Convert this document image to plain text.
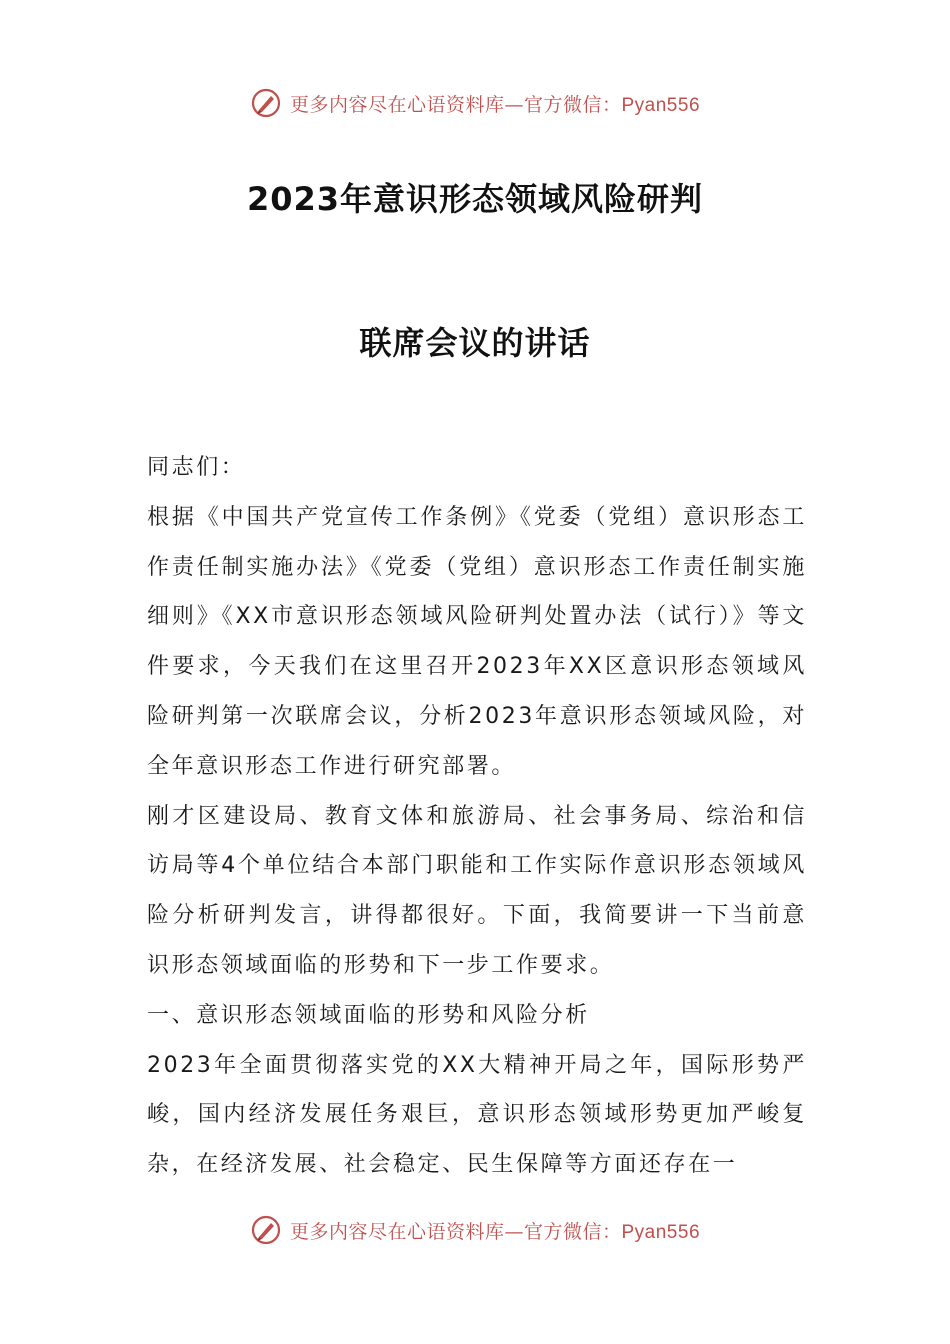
更多内容尽在心语资料库—官方微信：Pyan556
2023年意识形态领域风险研判
联席会议的讲话

同志们：

根据《中国共产党宣传工作条例》《党委（党组）意识形态工作责任制实施办法》《党委（党组）意识形态工作责任制实施细则》《XX市意识形态领域风险研判处置办法（试行）》等文件要求，今天我们在这里召开2023年XX区意识形态领域风险研判第一次联席会议，分析2023年意识形态领域风险，对全年意识形态工作进行研究部署。

刚才区建设局、教育文体和旅游局、社会事务局、综治和信访局等4个单位结合本部门职能和工作实际作意识形态领域风险分析研判发言，讲得都很好。下面，我简要讲一下当前意识形态领域面临的形势和下一步工作要求。

一、意识形态领域面临的形势和风险分析

2023年全面贯彻落实党的XX大精神开局之年，国际形势严峻，国内经济发展任务艰巨，意识形态领域形势更加严峻复杂，在经济发展、社会稳定、民生保障等方面还存在一

更多内容尽在心语资料库—官方微信：Pyan556
